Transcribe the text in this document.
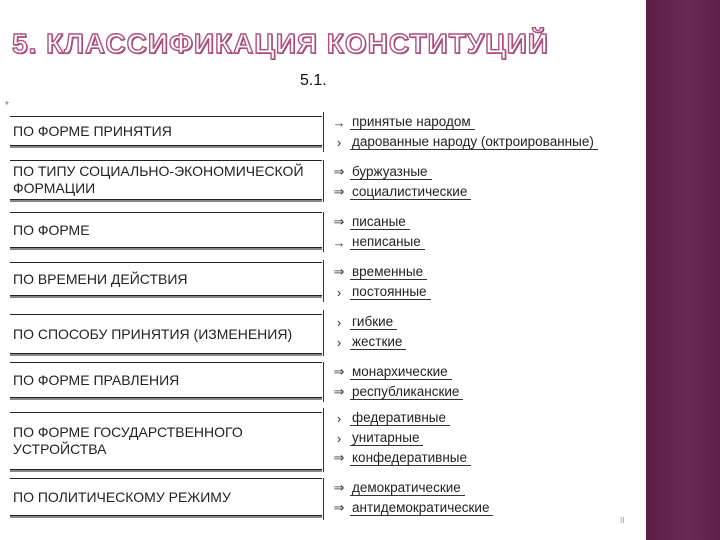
5. КЛАССИФИКАЦИЯ КОНСТИТУЦИЙ
5.1.
*
ПО ФОРМЕ ПРИНЯТИЯ
→ принятые народом
› дарованные народу (октроированные)
ПО ТИПУ СОЦИАЛЬНО-ЭКОНОМИЧЕСКОЙ ФОРМАЦИИ
⇒ буржуазные
⇒ социалистические
ПО ФОРМЕ	⇒ писаные
→ неписаные
ПО ВРЕМЕНИ ДЕЙСТВИЯ	⇒ временные
› постоянные
ПО СПОСОБУ ПРИНЯТИЯ (ИЗМЕНЕНИЯ)
› гибкие
› жесткие
ПО ФОРМЕ ПРАВЛЕНИЯ	⇒ монархические
⇒ республиканские
ПО ФОРМЕ ГОСУДАРСТВЕННОГО УСТРОЙСТВА
› федеративные
› унитарные
⇒ конфедеративные
ПО ПОЛИТИЧЕСКОМУ РЕЖИМУ
⇒ демократические
⇒ антидемократические
II
